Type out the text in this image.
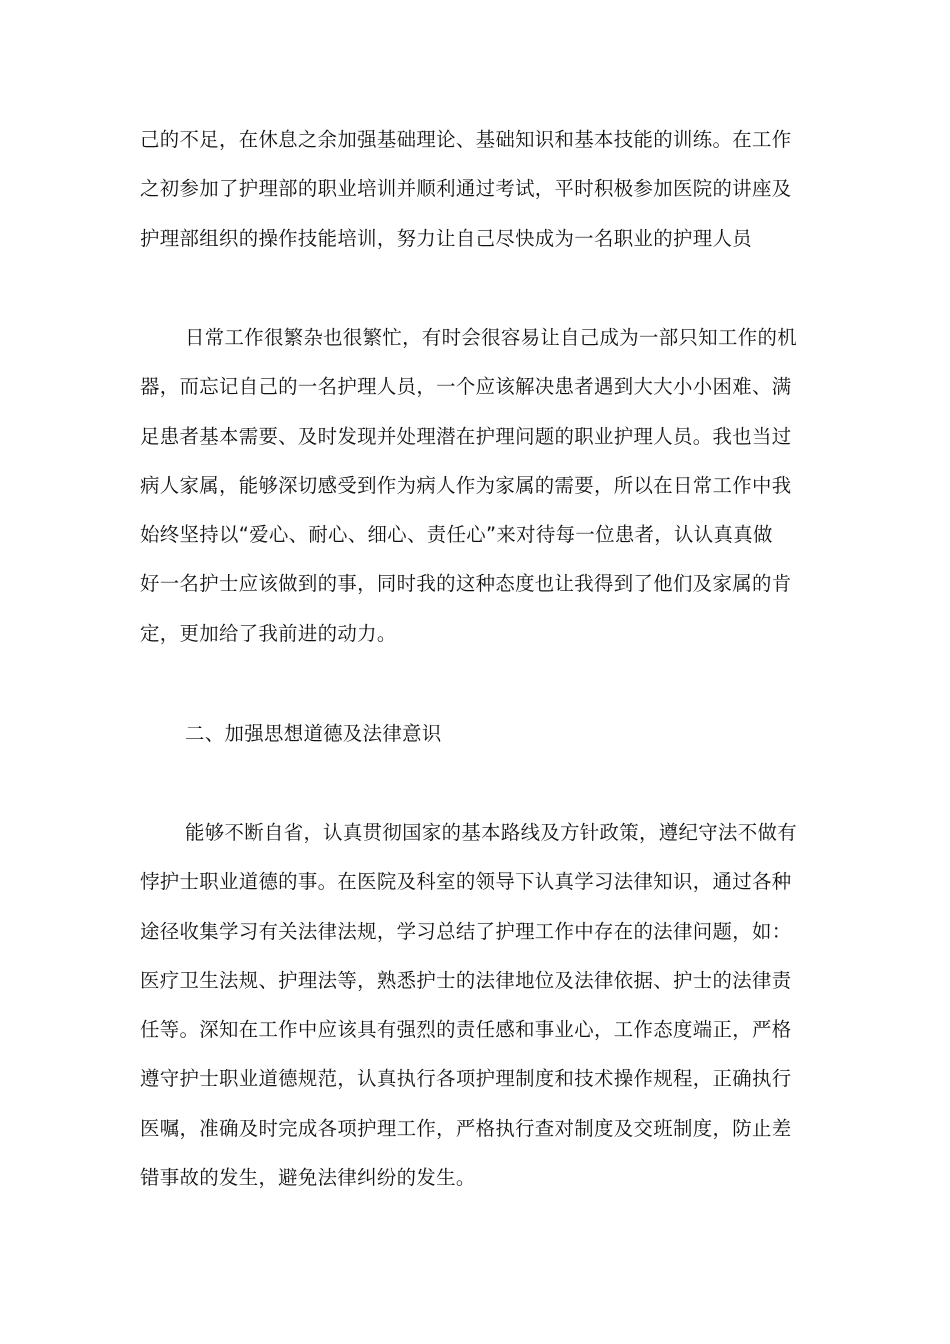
己的不足，在休息之余加强基础理论、基础知识和基本技能的训练。在工作
之初参加了护理部的职业培训并顺利通过考试，平时积极参加医院的讲座及
护理部组织的操作技能培训，努力让自己尽快成为一名职业的护理人员
日常工作很繁杂也很繁忙，有时会很容易让自己成为一部只知工作的机
器，而忘记自己的一名护理人员，一个应该解决患者遇到大大小小困难、满
足患者基本需要、及时发现并处理潜在护理问题的职业护理人员。我也当过
病人家属，能够深切感受到作为病人作为家属的需要，所以在日常工作中我
始终坚持以“爱心、耐心、细心、责任心”来对待每一位患者，认认真真做
好一名护士应该做到的事，同时我的这种态度也让我得到了他们及家属的肯
定，更加给了我前进的动力。
二、加强思想道德及法律意识
能够不断自省，认真贯彻国家的基本路线及方针政策，遵纪守法不做有
悖护士职业道德的事。在医院及科室的领导下认真学习法律知识，通过各种
途径收集学习有关法律法规，学习总结了护理工作中存在的法律问题，如：
医疗卫生法规、护理法等，熟悉护士的法律地位及法律依据、护士的法律责
任等。深知在工作中应该具有强烈的责任感和事业心，工作态度端正，严格
遵守护士职业道德规范，认真执行各项护理制度和技术操作规程，正确执行
医嘱，准确及时完成各项护理工作，严格执行查对制度及交班制度，防止差
错事故的发生，避免法律纠纷的发生。
